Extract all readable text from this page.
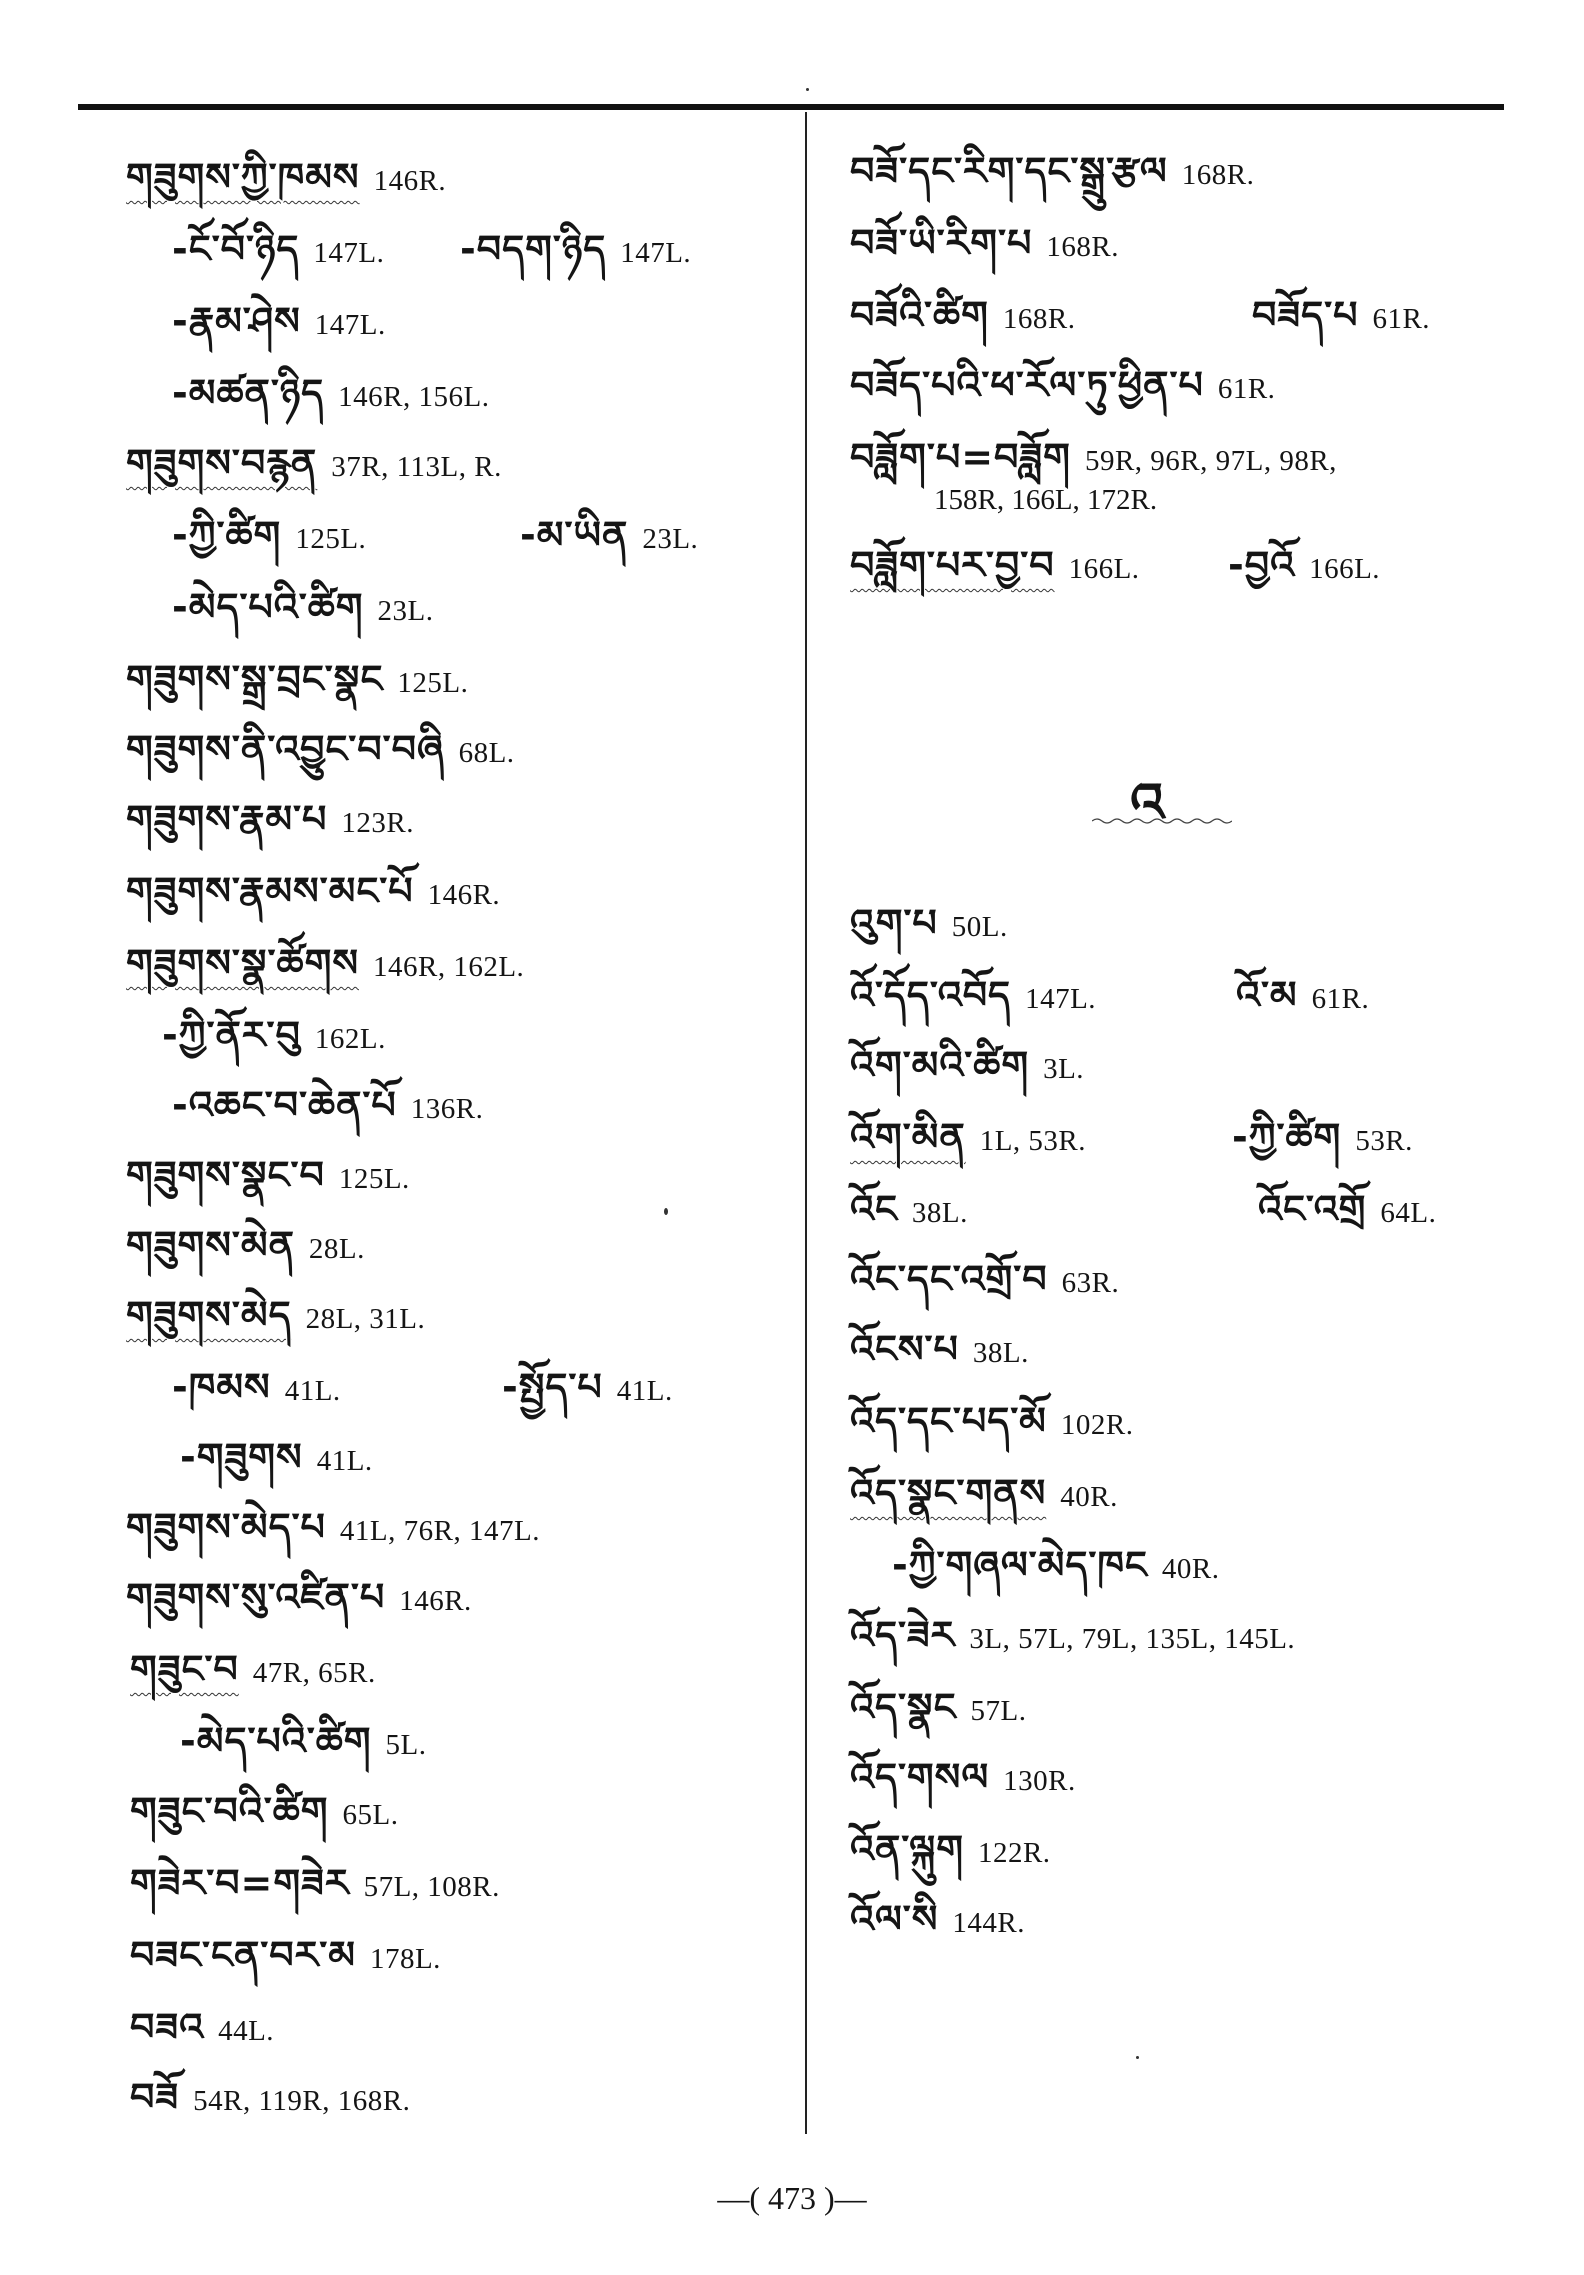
གཟུགས་ཀྱི་ཁམས 146R.
-ངོ་བོ་ཉིད 147L. -བདག་ཉིད 147L.
-རྣམ་ཤེས 147L.
-མཚན་ཉིད 146R, 156L.
གཟུགས་བརྙན 37R, 113L, R.
-ཀྱི་ཚིག 125L.	-མ་ཡིན 23L.
-མེད་པའི་ཚིག 23L.
གཟུགས་སྒྲ་བྲང་སྣང 125L.
གཟུགས་ནི་འབྱུང་བ་བཞི 68L.
གཟུགས་རྣམ་པ 123R.
གཟུགས་རྣམས་མང་པོ 146R.
གཟུགས་སྣ་ཚོགས 146R, 162L.
-ཀྱི་ནོར་བུ 162L.
-འཆང་བ་ཆེན་པོ 136R.
གཟུགས་སྣང་བ 125L.
གཟུགས་མེན 28L.
གཟུགས་མེད 28L, 31L.
-ཁམས 41L.	-སྤྱོད་པ 41L.
-གཟུགས 41L.
གཟུགས་མེད་པ 41L, 76R, 147L.
གཟུགས་སུ་འཛིན་པ 146R.
གཟུང་བ 47R, 65R.
-མེད་པའི་ཚིག 5L.
གཟུང་བའི་ཚིག 65L.
གཟེར་བ=གཟེར 57L, 108R.
བཟང་ངན་བར་མ 178L.
བཟའ 44L.
བཟོ 54R, 119R, 168R.
བཟོ་དང་རིག་དང་སྒྲུ་རྩལ 168R.
བཟོ་ཡི་རིག་པ 168R.
བཟོའི་ཚིག 168R.	བཟོད་པ 61R.
བཟོད་པའི་ཕ་རོལ་ཏུ་ཕྱིན་པ 61R.
བཟློག་པ=བཟློག 59R, 96R, 97L, 98R,
158R, 166L, 172R.
བཟློག་པར་བྱ་བ 166L. -བྱའོ 166L.
འ
འུག་པ 50L.
འོ་དོད་འབོད 147L.	འོ་མ 61R.
འོག་མའི་ཚིག 3L.
འོག་མིན 1L, 53R.	-ཀྱི་ཚིག 53R.
འོང 38L.	འོང་འགྲོ 64L.
འོང་དང་འགྲོ་བ 63R.
འོངས་པ 38L.
འོད་དང་པད་མོ 102R.
འོད་སྣང་གནས 40R.
-ཀྱི་གཞལ་མེད་ཁང 40R.
འོད་ཟེར 3L, 57L, 79L, 135L, 145L.
འོད་སྣང 57L.
འོད་གསལ 130R.
འོན་ལྐུག 122R.
འོལ་སི 144R.
—( 473 )—
